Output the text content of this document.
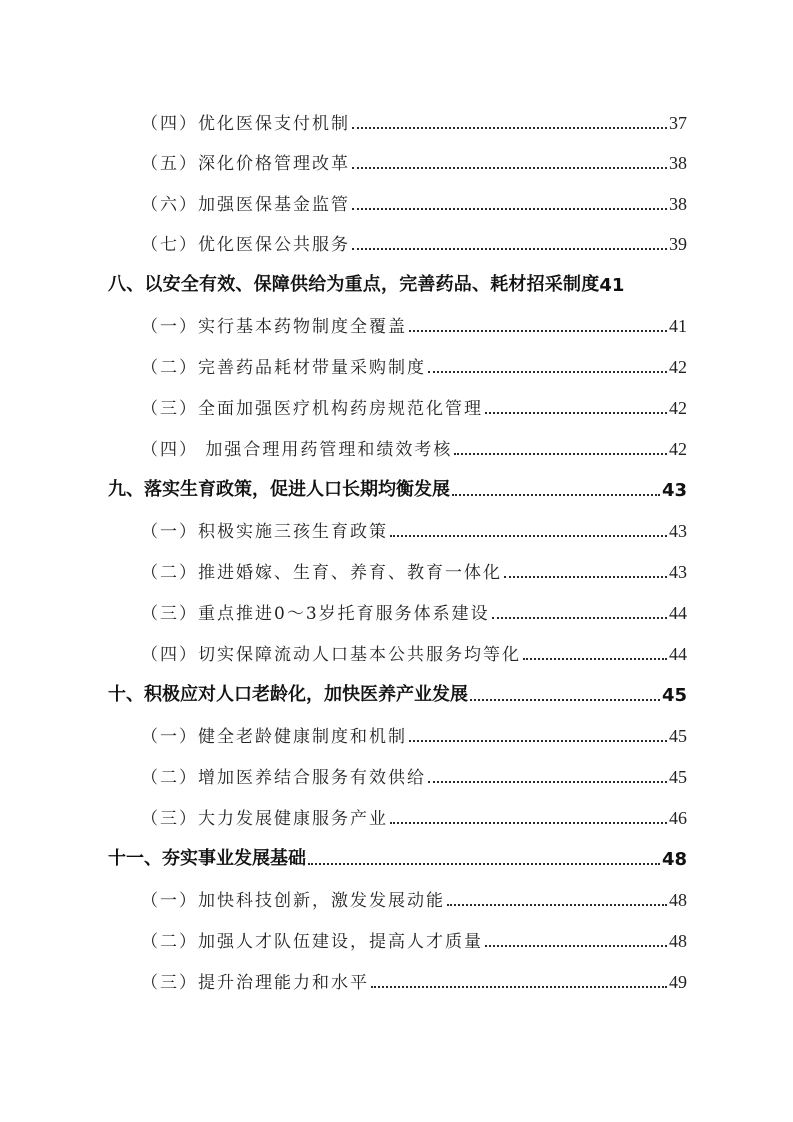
（四）优化医保支付机制	37
（五）深化价格管理改革	38
（六）加强医保基金监管	38
（七）优化医保公共服务	39
八、以安全有效、保障供给为重点，完善药品、耗材招采制度 41
（一）实行基本药物制度全覆盖	41
（二）完善药品耗材带量采购制度	42
（三）全面加强医疗机构药房规范化管理	42
（四） 加强合理用药管理和绩效考核	42
九、落实生育政策，促进人口长期均衡发展	43
（一）积极实施三孩生育政策	43
（二）推进婚嫁、生育、养育、教育一体化	43
（三）重点推进0～3岁托育服务体系建设	44
（四）切实保障流动人口基本公共服务均等化	44
十、积极应对人口老龄化，加快医养产业发展	45
（一）健全老龄健康制度和机制	45
（二）增加医养结合服务有效供给	45
（三）大力发展健康服务产业	46
十一、夯实事业发展基础	48
（一）加快科技创新，激发发展动能	48
（二）加强人才队伍建设，提高人才质量	48
（三）提升治理能力和水平	49
